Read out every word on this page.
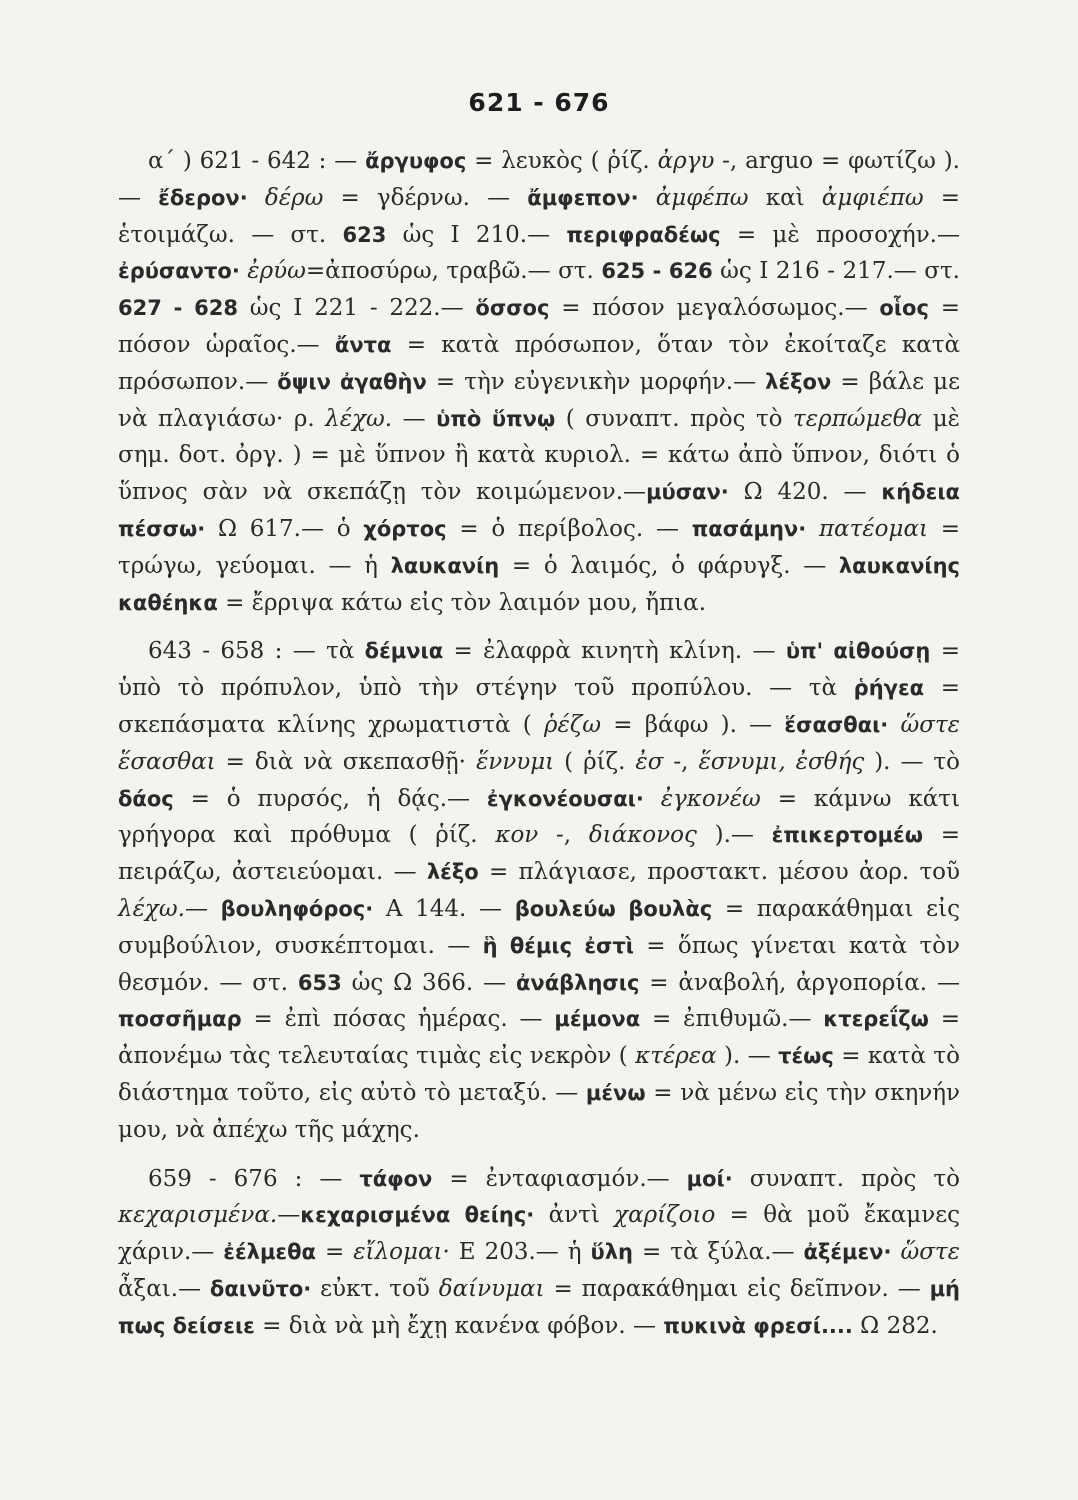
621 - 676

α΄ ) 621 - 642 : — ἄργυφος = λευκὸς ( ῥίζ. ἀργυ -, arguo = φωτίζω ). — ἔδερον· δέρω = γδέρνω. — ἄμφεπον· ἀμφέπω καὶ ἀμφιέπω = ἑτοιμάζω. — στ. 623 ὡς Ι 210.— περιφραδέως = μὲ προσοχήν.— ἐρύσαντο· ἐρύω=ἀποσύρω, τραβῶ.— στ. 625 - 626 ὡς Ι 216 - 217.— στ. 627 - 628 ὡς Ι 221 - 222.— ὅσσος = πόσον μεγαλόσωμος.— οἷος = πόσον ὡραῖος.— ἄντα = κατὰ πρόσωπον, ὅταν τὸν ἐκοίταζε κατὰ πρόσωπον.— ὄψιν ἀγαθὴν = τὴν εὐγενικὴν μορφήν.— λέξον = βάλε με νὰ πλαγιάσω· ρ. λέχω. — ὑπὸ ὕπνῳ ( συναπτ. πρὸς τὸ τερπώμεθα μὲ σημ. δοτ. ὀργ. ) = μὲ ὕπνον ἢ κατὰ κυριολ. = κάτω ἀπὸ ὕπνον, διότι ὁ ὕπνος σὰν νὰ σκεπάζῃ τὸν κοιμώμενον.—μύσαν· Ω 420. — κήδεια πέσσω· Ω 617.— ὁ χόρτος = ὁ περίβολος. — πασάμην· πατέομαι = τρώγω, γεύομαι. — ἡ λαυκανίη = ὁ λαιμός, ὁ φάρυγξ. — λαυκανίης καθέηκα = ἔρριψα κάτω εἰς τὸν λαιμόν μου, ἤπια.

643 - 658 : — τὰ δέμνια = ἐλαφρὰ κινητὴ κλίνη. — ὑπ' αἰθούσῃ = ὑπὸ τὸ πρόπυλον, ὑπὸ τὴν στέγην τοῦ προπύλου. — τὰ ῥήγεα = σκεπάσματα κλίνης χρωματιστὰ ( ῥέζω = βάφω ). — ἕσασθαι· ὥστε ἕσασθαι = διὰ νὰ σκεπασθῇ· ἕννυμι ( ῥίζ. ἐσ -, ἕσνυμι, ἐσθής ). — τὸ δάος = ὁ πυρσός, ἡ δᾴς.— ἐγκονέουσαι· ἐγκονέω = κάμνω κάτι γρήγορα καὶ πρόθυμα ( ῥίζ. κον -, διάκονος ).— ἐπικερτομέω = πειράζω, ἀστειεύομαι. — λέξο = πλάγιασε, προστακτ. μέσου ἀορ. τοῦ λέχω.— βουληφόρος· Α 144. — βουλεύω βουλὰς = παρακάθημαι εἰς συμβούλιον, συσκέπτομαι. — ἣ θέμις ἐστὶ = ὅπως γίνεται κατὰ τὸν θεσμόν. — στ. 653 ὡς Ω 366. — ἀνάβλησις = ἀναβολή, ἀργοπορία. — ποσσῆμαρ = ἐπὶ πόσας ἡμέρας. — μέμονα = ἐπιθυμῶ.— κτερεΐζω = ἀπονέμω τὰς τελευταίας τιμὰς εἰς νεκρὸν ( κτέρεα ). — τέως = κατὰ τὸ διάστημα τοῦτο, εἰς αὐτὸ τὸ μεταξύ. — μένω = νὰ μένω εἰς τὴν σκηνήν μου, νὰ ἀπέχω τῆς μάχης.

659 - 676 : — τάφον = ἐνταφιασμόν.— μοί· συναπτ. πρὸς τὸ κεχαρισμένα.—κεχαρισμένα θείης· ἀντὶ χαρίζοιο = θὰ μοῦ ἔκαμνες χάριν.— ἐέλμεθα = εἴλομαι· Ε 203.— ἡ ὕλη = τὰ ξύλα.— ἀξέμεν· ὥστε ἆξαι.— δαινῦτο· εὐκτ. τοῦ δαίνυμαι = παρακάθημαι εἰς δεῖπνον. — μή πως δείσειε = διὰ νὰ μὴ ἔχῃ κανένα φόβον. — πυκινὰ φρεσί.... Ω 282.
